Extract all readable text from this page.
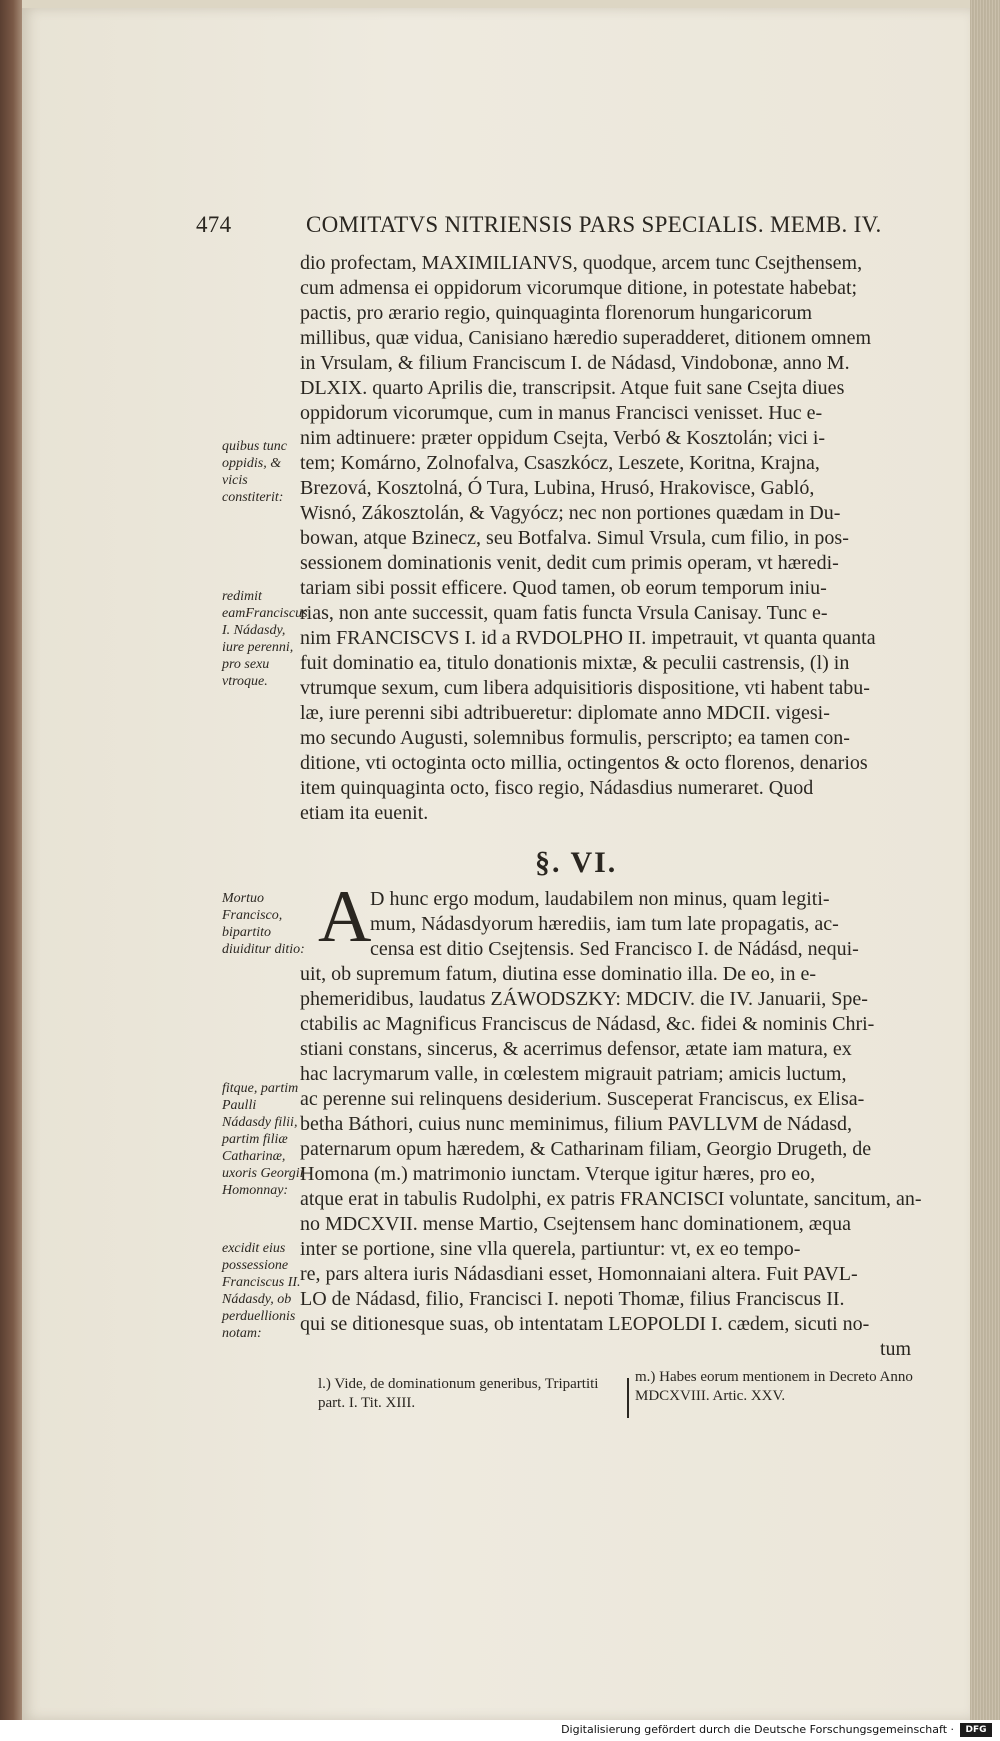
474	COMITATVS NITRIENSIS PARS SPECIALIS. MEMB. IV.
dio profectam, MAXIMILIANVS, quodque, arcem tunc Csejthensem,
cum admensa ei oppidorum vicorumque ditione, in potestate habebat;
pactis, pro ærario regio, quinquaginta florenorum hungaricorum
millibus, quæ vidua, Canisiano hæredio superadderet, ditionem omnem
in Vrsulam, & filium Franciscum I. de Nádasd, Vindobonæ, anno M.
DLXIX. quarto Aprilis die, transcripsit. Atque fuit sane Csejta diues
oppidorum vicorumque, cum in manus Francisci venisset. Huc e-
nim adtinuere: præter oppidum Csejta, Verbó & Kosztolán; vici i-
tem; Komárno, Zolnofalva, Csaszkócz, Leszete, Koritna, Krajna,
Brezová, Kosztolná, Ó Tura, Lubina, Hrusó, Hrakovisce, Gabló,
Wisnó, Zákosztolán, & Vagyócz; nec non portiones quædam in Du-
bowan, atque Bzinecz, seu Botfalva. Simul Vrsula, cum filio, in pos-
sessionem dominationis venit, dedit cum primis operam, vt hæredi-
tariam sibi possit efficere. Quod tamen, ob eorum temporum iniu-
rias, non ante successit, quam fatis functa Vrsula Canisay. Tunc e-
nim FRANCISCVS I. id a RVDOLPHO II. impetrauit, vt quanta quanta
fuit dominatio ea, titulo donationis mixtæ, & peculii castrensis, (l) in
vtrumque sexum, cum libera adquisitioris dispositione, vti habent tabu-
læ, iure perenni sibi adtribueretur: diplomate anno MDCII. vigesi-
mo secundo Augusti, solemnibus formulis, perscripto; ea tamen con-
ditione, vti octoginta octo millia, octingentos & octo florenos, denarios
item quinquaginta octo, fisco regio, Nádasdius numeraret. Quod
etiam ita euenit.
§. VI.
A
D hunc ergo modum, laudabilem non minus, quam legiti-
mum, Nádasdyorum hærediis, iam tum late propagatis, ac-
censa est ditio Csejtensis. Sed Francisco I. de Nádásd, nequi-
uit, ob supremum fatum, diutina esse dominatio illa. De eo, in e-
phemeridibus, laudatus ZÁWODSZKY: MDCIV. die IV. Januarii, Spe-
ctabilis ac Magnificus Franciscus de Nádasd, &c. fidei & nominis Chri-
stiani constans, sincerus, & acerrimus defensor, ætate iam matura, ex
hac lacrymarum valle, in cœlestem migrauit patriam; amicis luctum,
ac perenne sui relinquens desiderium. Susceperat Franciscus, ex Elisa-
betha Báthori, cuius nunc meminimus, filium PAVLLVM de Nádasd,
paternarum opum hæredem, & Catharinam filiam, Georgio Drugeth, de
Homona (m.) matrimonio iunctam. Vterque igitur hæres, pro eo,
atque erat in tabulis Rudolphi, ex patris FRANCISCI voluntate, sancitum, an-
no MDCXVII. mense Martio, Csejtensem hanc dominationem, æqua
inter se portione, sine vlla querela, partiuntur: vt, ex eo tempo-
re, pars altera iuris Nádasdiani esset, Homonnaiani altera. Fuit PAVL-
LO de Nádasd, filio, Francisci I. nepoti Thomæ, filius Franciscus II.
qui se ditionesque suas, ob intentatam LEOPOLDI I. cædem, sicuti no-
tum
quibus tunc oppidis, & vicis constiterit:
redimit eamFranciscus I. Nádasdy, iure perenni, pro sexu vtroque.
Mortuo Francisco, bipartito diuiditur ditio:
fitque, partim Paulli Nádasdy filii, partim filiæ Catharinæ, uxoris Georgii Homonnay:
excidit eius possessione Franciscus II. Nádasdy, ob perduellionis notam:
l.) Vide, de dominationum generibus, Tripartiti part. I. Tit. XIII.
m.) Habes eorum mentionem in Decreto Anno MDCXVIII. Artic. XXV.
Digitalisierung gefördert durch die Deutsche Forschungsgemeinschaft ·	DFG
